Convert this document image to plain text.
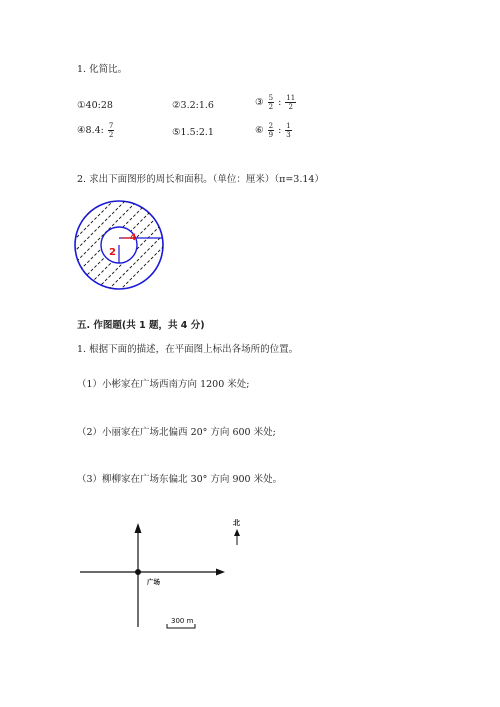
1. 化简比。
①40:28	②3.2:1.6	③ $\frac{5}{2}$ : $\frac{11}{2}$
④8.4: $\frac{7}{2}$	⑤1.5:2.1	⑥ $\frac{2}{9}$ : $\frac{1}{3}$
2. 求出下面图形的周长和面积。（单位：厘米）（π=3.14）
4
2
五. 作图题(共 1 题，共 4 分)
1. 根据下面的描述，在平面图上标出各场所的位置。
（1）小彬家在广场西南方向 1200 米处;
（2）小丽家在广场北偏西 20° 方向 600 米处;
（3）柳柳家在广场东偏北 30° 方向 900 米处。
广场
北
300 m
